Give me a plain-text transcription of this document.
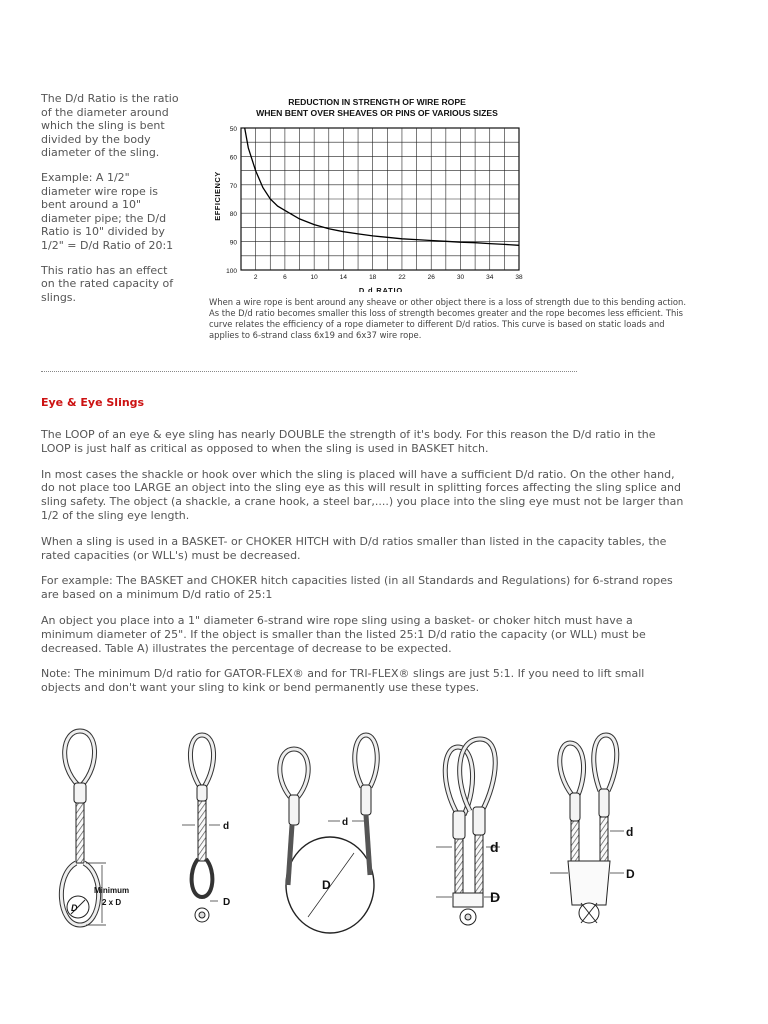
The D/d Ratio is the ratio of the diameter around which the sling is bent divided by the body diameter of the sling.

Example: A 1/2" diameter wire rope is bent around a 10" diameter pipe; the D/d Ratio is 10" divided by 1/2" = D/d Ratio of 20:1

This ratio has an effect on the rated capacity of slings.

REDUCTION IN STRENGTH OF WIRE ROPE
WHEN BENT OVER SHEAVES OR PINS OF VARIOUS SIZES
EFFICIENCY
D d RATIO
50
60
70
80
90
100
2	6	10	14	18	22	26	30	34	38
When a wire rope is bent around any sheave or other object there is a loss of strength due to this bending action. As the D/d ratio becomes smaller this loss of strength becomes greater and the rope becomes less efficient. This curve relates the efficiency of a rope diameter to different D/d ratios. This curve is based on static loads and applies to 6-strand class 6x19 and 6x37 wire rope.
Eye & Eye Slings

The LOOP of an eye & eye sling has nearly DOUBLE the strength of it's body. For this reason the D/d ratio in the LOOP is just half as critical as opposed to when the sling is used in BASKET hitch.

In most cases the shackle or hook over which the sling is placed will have a sufficient D/d ratio. On the other hand, do not place too LARGE an object into the sling eye as this will result in splitting forces affecting the sling splice and sling safety. The object (a shackle, a crane hook, a steel bar,....) you place into the sling eye must not be larger than 1/2 of the sling eye length.

When a sling is used in a BASKET- or CHOKER HITCH with D/d ratios smaller than listed in the capacity tables, the rated capacities (or WLL's) must be decreased.

For example: The BASKET and CHOKER hitch capacities listed (in all Standards and Regulations) for 6-strand ropes are based on a minimum D/d ratio of 25:1

An object you place into a 1" diameter 6-strand wire rope sling using a basket- or choker hitch must have a minimum diameter of 25". If the object is smaller than the listed 25:1 D/d ratio the capacity (or WLL) must be decreased. Table A) illustrates the percentage of decrease to be expected.

Note: The minimum D/d ratio for GATOR-FLEX® and for TRI-FLEX® slings are just 5:1. If you need to lift small objects and don't want your sling to kink or bend permanently use these types.

D
Minimum
2 x D
d
D
D
d
d
D
d
D
